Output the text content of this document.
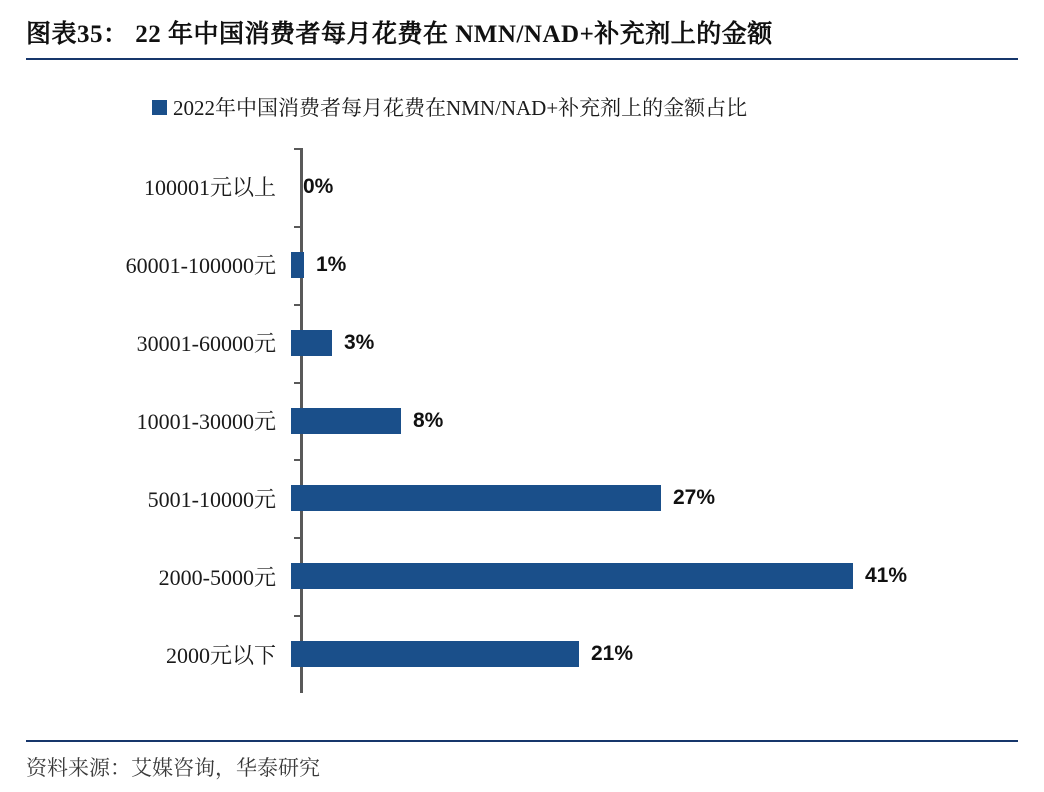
图表35： 22 年中国消费者每月花费在 NMN/NAD+补充剂上的金额
2022年中国消费者每月花费在NMN/NAD+补充剂上的金额占比
100001元以上	0%
60001-100000元	1%
30001-60000元	3%
10001-30000元	8%
5001-10000元	27%
2000-5000元	41%
2000元以下	21%
资料来源：艾媒咨询，华泰研究
